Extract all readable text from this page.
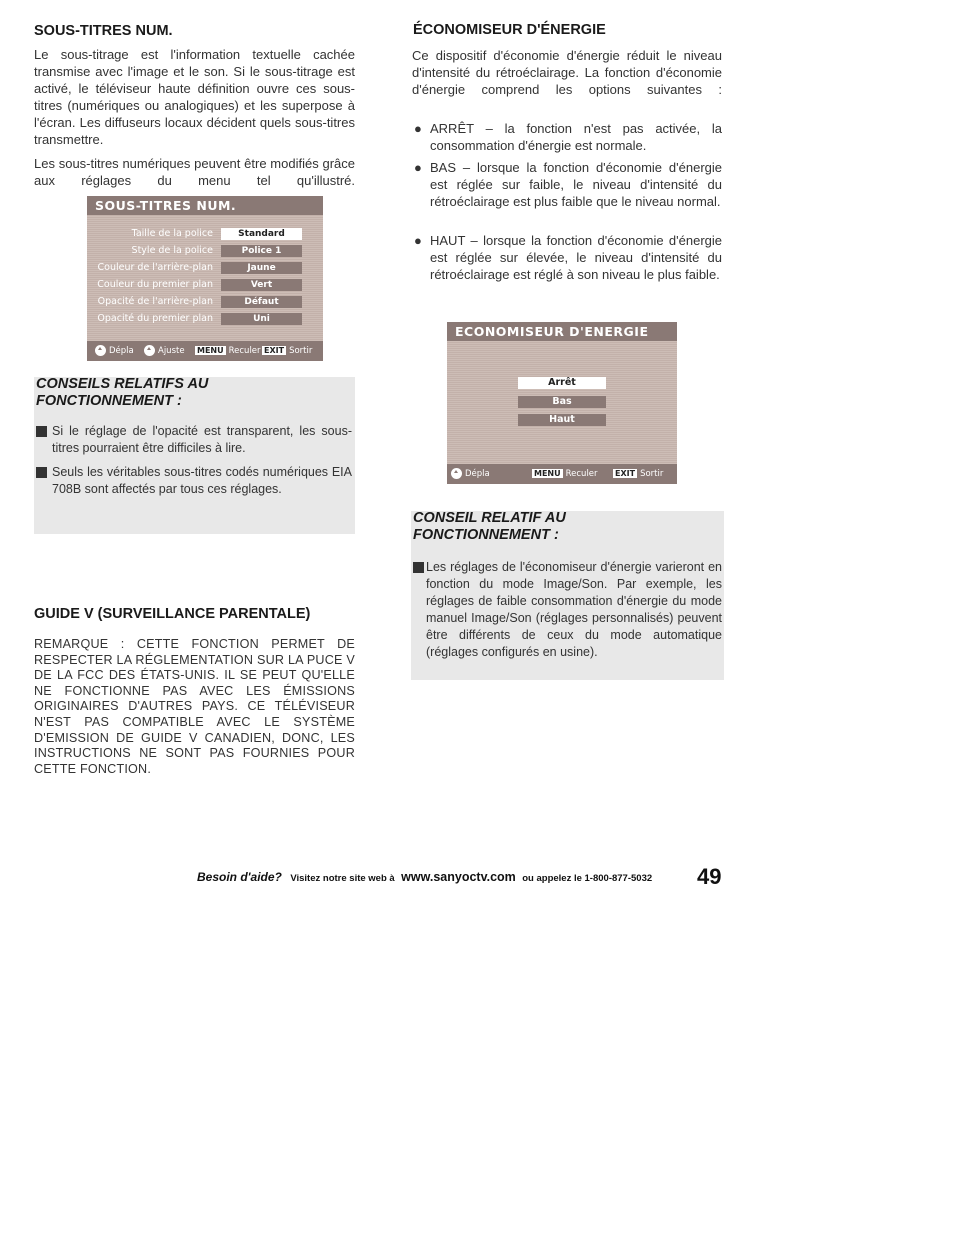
SOUS-TITRES NUM.

Le sous-titrage est l'information textuelle cachée transmise avec l'image et le son. Si le sous-titrage est activé, le téléviseur haute définition ouvre ces sous-titres (numériques ou analogiques) et les superpose à l'écran. Les diffuseurs locaux décident quels sous-titres transmettre.

Les sous-titres numériques peuvent être modifiés grâce aux réglages du menu tel qu'illustré.

SOUS-TITRES NUM.
Taille de la police	Standard
Style de la police	Police 1
Couleur de l'arrière-plan	Jaune
Couleur du premier plan	Vert
Opacité de l'arrière-plan	Défaut
Opacité du premier plan	Uni
Dépla	Ajuste MENU Reculer EXIT Sortir

CONSEILS RELATIFS AU

FONCTIONNEMENT :

Si le réglage de l'opacité est transparent, les sous-titres pourraient être difficiles à lire.
Seuls les véritables sous-titres codés numériques EIA 708B sont affectés par tous ces réglages.
GUIDE V (SURVEILLANCE PARENTALE)

REMARQUE : CETTE FONCTION PERMET DE RESPECTER LA RÉGLEMENTATION SUR LA PUCE V DE LA FCC DES ÉTATS-UNIS. IL SE PEUT QU'ELLE NE FONCTIONNE PAS AVEC LES ÉMISSIONS ORIGINAIRES D'AUTRES PAYS. CE TÉLÉVISEUR N'EST PAS COMPATIBLE AVEC LE SYSTÈME D'EMISSION DE GUIDE V CANADIEN, DONC, LES INSTRUCTIONS NE SONT PAS FOURNIES POUR CETTE FONCTION.

ÉCONOMISEUR D'ÉNERGIE

Ce dispositif d'économie d'énergie réduit le niveau d'intensité du rétroéclairage. La fonction d'économie d'énergie comprend les options suivantes :

● ARRÊT – la fonction n'est pas activée, la consommation d'énergie est normale.
● BAS – lorsque la fonction d'économie d'énergie est réglée sur faible, le niveau d'intensité du rétroéclairage est plus faible que le niveau normal.
● HAUT – lorsque la fonction d'économie d'énergie est réglée sur élevée, le niveau d'intensité du rétroéclairage est réglé à son niveau le plus faible.
ECONOMISEUR D'ENERGIE
Arrêt
Bas
Haut
Dépla	MENU Reculer EXIT Sortir

CONSEIL RELATIF AU

FONCTIONNEMENT :

Les réglages de l'économiseur d'énergie varieront en fonction du mode Image/Son. Par exemple, les réglages de faible consommation d'énergie du mode manuel Image/Son (réglages personnalisés) peuvent être différents de ceux du mode automatique (réglages configurés en usine).
Besoin d'aide? Visitez notre site web à www.sanyoctv.com ou appelez le 1-800-877-5032 49
